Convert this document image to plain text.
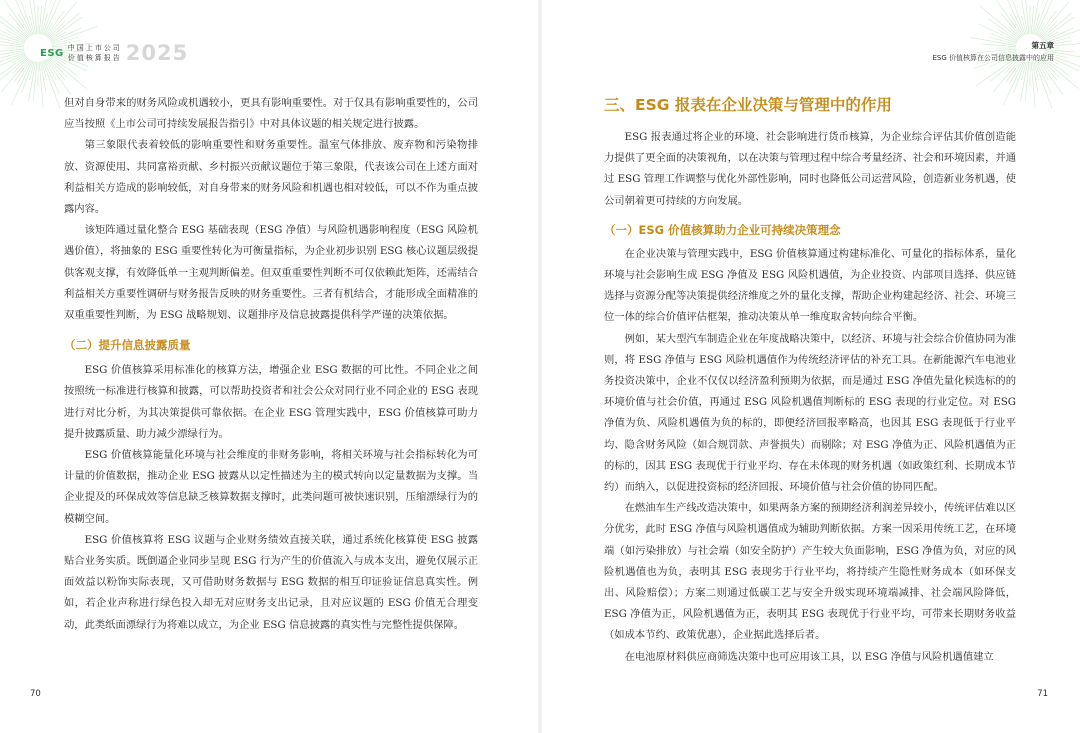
ESG 中国上市公司
价值核算报告 2025

但对自身带来的财务风险或机遇较小，更具有影响重要性。对于仅具有影响重要性的，公司应当按照《上市公司可持续发展报告指引》中对具体议题的相关规定进行披露。

第三象限代表着较低的影响重要性和财务重要性。温室气体排放、废弃物和污染物排放、资源使用、共同富裕贡献、乡村振兴贡献议题位于第三象限，代表该公司在上述方面对利益相关方造成的影响较低，对自身带来的财务风险和机遇也相对较低，可以不作为重点披露内容。

该矩阵通过量化整合 ESG 基础表现（ESG 净值）与风险机遇影响程度（ESG 风险机遇价值），将抽象的 ESG 重要性转化为可衡量指标，为企业初步识别 ESG 核心议题层级提供客观支撑，有效降低单一主观判断偏差。但双重重要性判断不可仅依赖此矩阵，还需结合利益相关方重要性调研与财务报告反映的财务重要性。三者有机结合，才能形成全面精准的双重重要性判断，为 ESG 战略规划、议题排序及信息披露提供科学严谨的决策依据。

（二）提升信息披露质量

ESG 价值核算采用标准化的核算方法，增强企业 ESG 数据的可比性。不同企业之间按照统一标准进行核算和披露，可以帮助投资者和社会公众对同行业不同企业的 ESG 表现进行对比分析，为其决策提供可靠依据。在企业 ESG 管理实践中，ESG 价值核算可助力提升披露质量、助力减少漂绿行为。

ESG 价值核算能量化环境与社会维度的非财务影响，将相关环境与社会指标转化为可计量的价值数据，推动企业 ESG 披露从以定性描述为主的模式转向以定量数据为支撑。当企业提及的环保成效等信息缺乏核算数据支撑时，此类问题可被快速识别，压缩漂绿行为的模糊空间。

ESG 价值核算将 ESG 议题与企业财务绩效直接关联，通过系统化核算使 ESG 披露贴合业务实质。既倒逼企业同步呈现 ESG 行为产生的价值流入与成本支出，避免仅展示正面效益以粉饰实际表现，又可借助财务数据与 ESG 数据的相互印证验证信息真实性。例如，若企业声称进行绿色投入却无对应财务支出记录，且对应议题的 ESG 价值无合理变动，此类纸面漂绿行为将难以成立，为企业 ESG 信息披露的真实性与完整性提供保障。

70
第五章
ESG 价值核算在公司信息披露中的应用
三、ESG 报表在企业决策与管理中的作用

ESG 报表通过将企业的环境、社会影响进行货币核算，为企业综合评估其价值创造能力提供了更全面的决策视角，以在决策与管理过程中综合考量经济、社会和环境因素，并通过 ESG 管理工作调整与优化外部性影响，同时也降低公司运营风险，创造新业务机遇，使公司朝着更可持续的方向发展。

（一）ESG 价值核算助力企业可持续决策理念

在企业决策与管理实践中，ESG 价值核算通过构建标准化、可量化的指标体系，量化环境与社会影响生成 ESG 净值及 ESG 风险机遇值，为企业投资、内部项目选择、供应链选择与资源分配等决策提供经济维度之外的量化支撑，帮助企业构建起经济、社会、环境三位一体的综合价值评估框架，推动决策从单一维度取舍转向综合平衡。

例如，某大型汽车制造企业在年度战略决策中，以经济、环境与社会综合价值协同为准则，将 ESG 净值与 ESG 风险机遇值作为传统经济评估的补充工具。在新能源汽车电池业务投资决策中，企业不仅仅以经济盈利预期为依据，而是通过 ESG 净值先量化候选标的的环境价值与社会价值，再通过 ESG 风险机遇值判断标的 ESG 表现的行业定位。对 ESG 净值为负、风险机遇值为负的标的，即便经济回报率略高，也因其 ESG 表现低于行业平均、隐含财务风险（如合规罚款、声誉损失）而剔除；对 ESG 净值为正、风险机遇值为正的标的，因其 ESG 表现优于行业平均、存在未体现的财务机遇（如政策红利、长期成本节约）而纳入，以促进投资标的经济回报、环境价值与社会价值的协同匹配。

在燃油车生产线改造决策中，如果两条方案的预期经济利润差异较小，传统评估难以区分优劣，此时 ESG 净值与风险机遇值成为辅助判断依据。方案一因采用传统工艺，在环境端（如污染排放）与社会端（如安全防护）产生较大负面影响，ESG 净值为负，对应的风险机遇值也为负，表明其 ESG 表现劣于行业平均，将持续产生隐性财务成本（如环保支出、风险赔偿）；方案二则通过低碳工艺与安全升级实现环境端减排、社会端风险降低，ESG 净值为正，风险机遇值为正，表明其 ESG 表现优于行业平均，可带来长期财务收益（如成本节约、政策优惠），企业据此选择后者。

在电池原材料供应商筛选决策中也可应用该工具，以 ESG 净值与风险机遇值建立

71
